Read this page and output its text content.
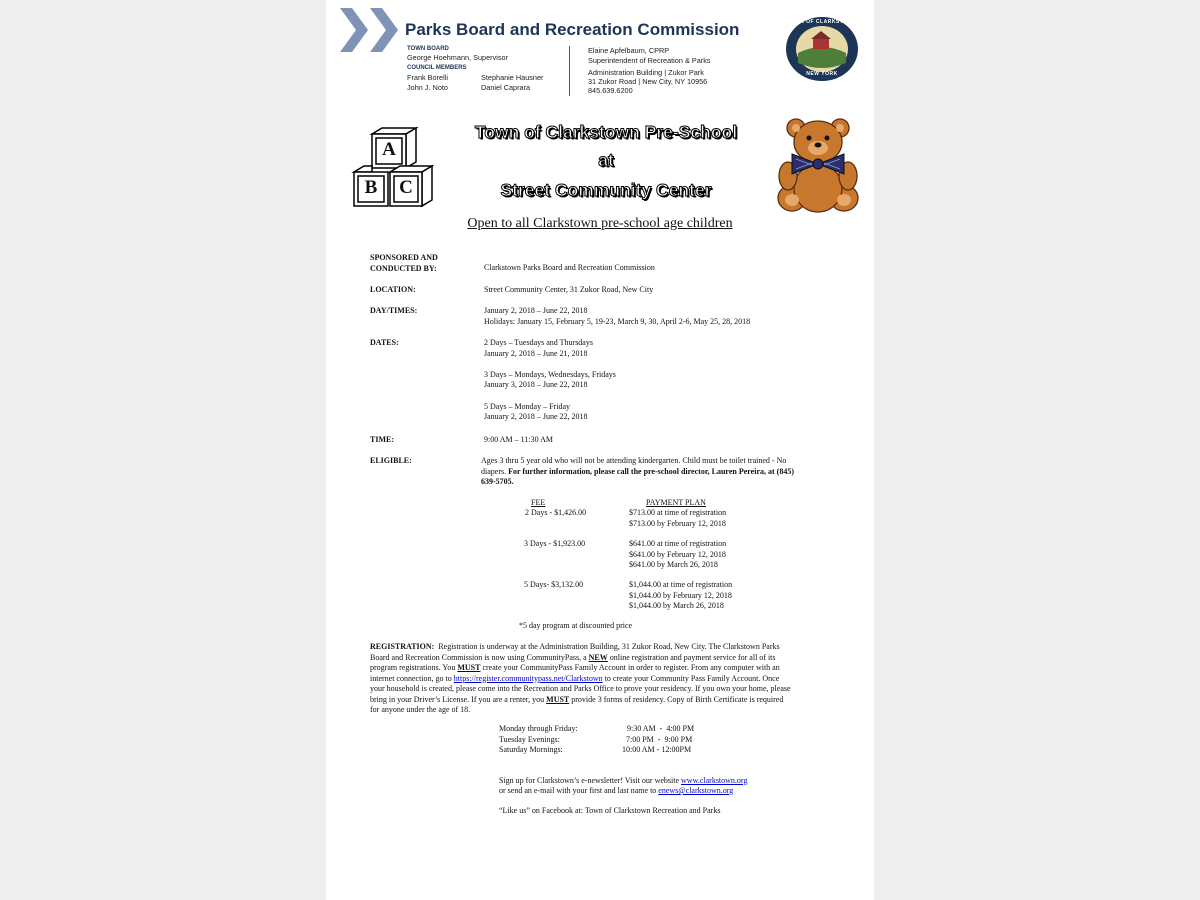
Parks Board and Recreation Commission
TOWN BOARD
George Hoehmann, Supervisor
COUNCIL MEMBERS
Frank Borelli	Stephanie Hausner
John J. Noto	Daniel Caprara
Elaine Apfelbaum, CPRP
Superintendent of Recreation & Parks
Administration Building | Zukor Park
31 Zukor Road | New City, NY 10956
845.639.6200
TOWN OF CLARKSTOWN
NEW YORK
A
B	C
Town of Clarkstown Pre-School
at
Street Community Center
Open to all Clarkstown pre-school age children
SPONSORED AND
CONDUCTED BY:	Clarkstown Parks Board and Recreation Commission
LOCATION:	Street Community Center, 31 Zukor Road, New City
DAY/TIMES:	January 2, 2018 – June 22, 2018
Holidays: January 15, February 5, 19-23, March 9, 30, April 2-6, May 25, 28, 2018
DATES:	2 Days – Tuesdays and Thursdays
January 2, 2018 – June 21, 2018
3 Days – Mondays, Wednesdays, Fridays
January 3, 2018 – June 22, 2018
5 Days – Monday – Friday
January 2, 2018 – June 22, 2018
TIME:	9:00 AM – 11:30 AM
ELIGIBLE:	Ages 3 thru 5 year old who will not be attending kindergarten. Child must be toilet trained - No
diapers. For further information, please call the pre-school director, Lauren Pereira, at (845)
639-5705.
FEE	PAYMENT PLAN
2 Days - $1,426.00	$713.00 at time of registration
$713.00 by February 12, 2018
3 Days - $1,923.00	$641.00 at time of registration
$641.00 by February 12, 2018
$641.00 by March 26, 2018
5 Days- $3,132.00	$1,044.00 at time of registration
$1,044.00 by February 12, 2018
$1,044.00 by March 26, 2018
*5 day program at discounted price
REGISTRATION: Registration is underway at the Administration Building, 31 Zukor Road, New City. The Clarkstown Parks
Board and Recreation Commission is now using CommunityPass, a NEW online registration and payment service for all of its
program registrations. You MUST create your CommunityPass Family Account in order to register. From any computer with an
internet connection, go to https://register.communitypass.net/Clarkstown to create your Community Pass Family Account. Once
your household is created, please come into the Recreation and Parks Office to prove your residency. If you own your home, please
bring in your Driver’s License. If you are a renter, you MUST provide 3 forms of residency. Copy of Birth Certificate is required
for anyone under the age of 18.
Monday through Friday:	9:30 AM  -  4:00 PM
Tuesday Evenings:	7:00 PM  -  9:00 PM
Saturday Mornings:	10:00 AM - 12:00PM
Sign up for Clarkstown’s e-newsletter! Visit our website www.clarkstown.org
or send an e-mail with your first and last name to enews@clarkstown.org
“Like us” on Facebook at: Town of Clarkstown Recreation and Parks
